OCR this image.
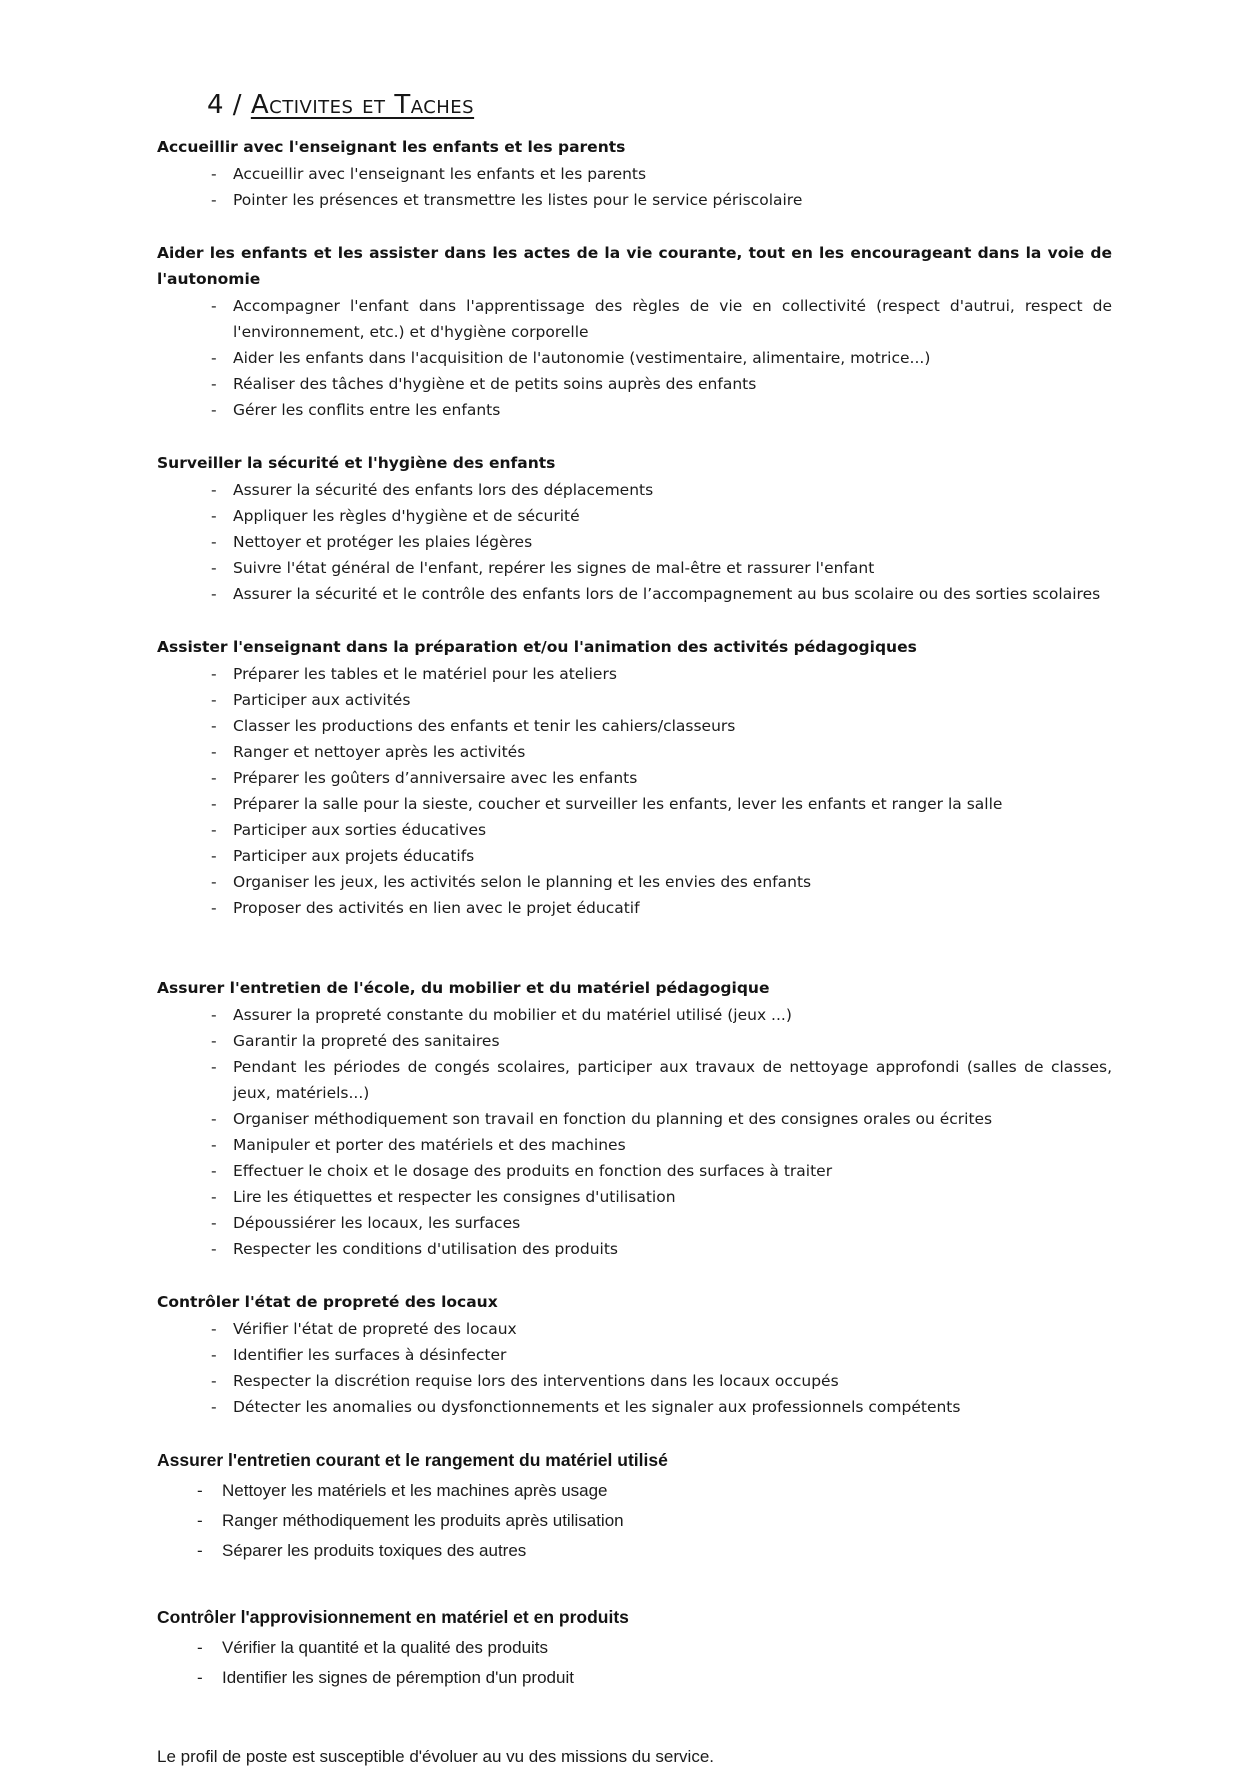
4 / Activites et Taches
Accueillir avec l'enseignant les enfants et les parents
-	Accueillir avec l'enseignant les enfants et les parents
-	Pointer les présences et transmettre les listes pour le service périscolaire
Aider les enfants et les assister dans les actes de la vie courante, tout en les encourageant dans la voie de l'autonomie
-	Accompagner l'enfant dans l'apprentissage des règles de vie en collectivité (respect d'autrui, respect de l'environnement, etc.) et d'hygiène corporelle
-	Aider les enfants dans l'acquisition de l'autonomie (vestimentaire, alimentaire, motrice...)
-	Réaliser des tâches d'hygiène et de petits soins auprès des enfants
-	Gérer les conflits entre les enfants
Surveiller la sécurité et l'hygiène des enfants
-	Assurer la sécurité des enfants lors des déplacements
-	Appliquer les règles d'hygiène et de sécurité
-	Nettoyer et protéger les plaies légères
-	Suivre l'état général de l'enfant, repérer les signes de mal-être et rassurer l'enfant
-	Assurer la sécurité et le contrôle des enfants lors de l’accompagnement au bus scolaire ou des sorties scolaires
Assister l'enseignant dans la préparation et/ou l'animation des activités pédagogiques
-	Préparer les tables et le matériel pour les ateliers
-	Participer aux activités
-	Classer les productions des enfants et tenir les cahiers/classeurs
-	Ranger et nettoyer après les activités
-	Préparer les goûters d’anniversaire avec les enfants
-	Préparer la salle pour la sieste, coucher et surveiller les enfants, lever les enfants et ranger la salle
-	Participer aux sorties éducatives
-	Participer aux projets éducatifs
-	Organiser les jeux, les activités selon le planning et les envies des enfants
-	Proposer des activités en lien avec le projet éducatif
Assurer l'entretien de l'école, du mobilier et du matériel pédagogique
-	Assurer la propreté constante du mobilier et du matériel utilisé (jeux ...)
-	Garantir la propreté des sanitaires
-	Pendant les périodes de congés scolaires, participer aux travaux de nettoyage approfondi (salles de classes, jeux, matériels...)
-	Organiser méthodiquement son travail en fonction du planning et des consignes orales ou écrites
-	Manipuler et porter des matériels et des machines
-	Effectuer le choix et le dosage des produits en fonction des surfaces à traiter
-	Lire les étiquettes et respecter les consignes d'utilisation
-	Dépoussiérer les locaux, les surfaces
-	Respecter les conditions d'utilisation des produits
Contrôler l'état de propreté des locaux
-	Vérifier l'état de propreté des locaux
-	Identifier les surfaces à désinfecter
-	Respecter la discrétion requise lors des interventions dans les locaux occupés
-	Détecter les anomalies ou dysfonctionnements et les signaler aux professionnels compétents
Assurer l'entretien courant et le rangement du matériel utilisé
-	Nettoyer les matériels et les machines après usage
-	Ranger méthodiquement les produits après utilisation
-	Séparer les produits toxiques des autres
Contrôler l'approvisionnement en matériel et en produits
-	Vérifier la quantité et la qualité des produits
-	Identifier les signes de péremption d'un produit

Le profil de poste est susceptible d'évoluer au vu des missions du service.
